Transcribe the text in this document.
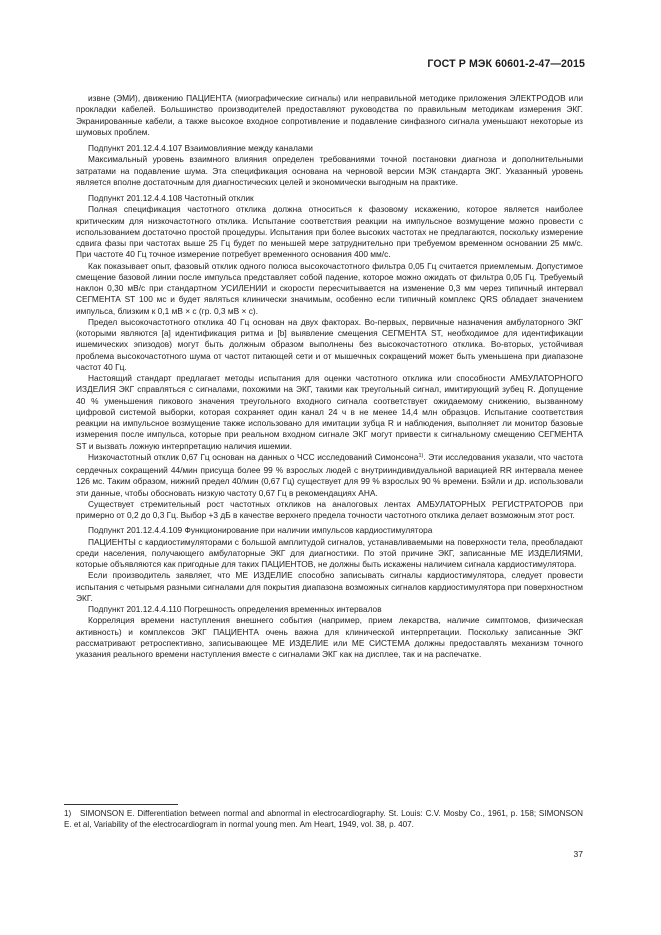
ГОСТ Р МЭК 60601-2-47—2015

извне (ЭМИ), движению ПАЦИЕНТА (миографические сигналы) или неправильной методике приложения ЭЛЕКТРОДОВ или прокладки кабелей. Большинство производителей предоставляют руководства по правильным методикам измерения ЭКГ. Экранированные кабели, а также высокое входное сопротивление и подавление синфазного сигнала уменьшают некоторые из шумовых проблем.

Подпункт 201.12.4.4.107 Взаимовлияние между каналами

Максимальный уровень взаимного влияния определен требованиями точной постановки диагноза и дополнительными затратами на подавление шума. Эта спецификация основана на черновой версии МЭК стандарта ЭКГ. Указанный уровень является вполне достаточным для диагностических целей и экономически выгодным на практике.

Подпункт 201.12.4.4.108 Частотный отклик

Полная спецификация частотного отклика должна относиться к фазовому искажению, которое является наиболее критическим для низкочастотного отклика. Испытание соответствия реакции на импульсное возмущение можно провести с использованием достаточно простой процедуры. Испытания при более высоких частотах не предлагаются, поскольку измерение сдвига фазы при частотах выше 25 Гц будет по меньшей мере затруднительно при требуемом временном основании 25 мм/с. При частоте 40 Гц точное измерение потребует временного основания 400 мм/с.

Как показывает опыт, фазовый отклик одного полюса высокочастотного фильтра 0,05 Гц считается приемлемым. Допустимое смещение базовой линии после импульса представляет собой падение, которое можно ожидать от фильтра 0,05 Гц. Требуемый наклон 0,30 мВ/с при стандартном УСИЛЕНИИ и скорости пересчитывается на изменение 0,3 мм через типичный интервал СЕГМЕНТА ST 100 мс и будет являться клинически значимым, особенно если типичный комплекс QRS обладает значением импульса, близким к 0,1 мВ × с (гр. 0,3 мВ × с).

Предел высокочастотного отклика 40 Гц основан на двух факторах. Во-первых, первичные назначения амбулаторного ЭКГ (которыми являются [а] идентификация ритма и [b] выявление смещения СЕГМЕНТА ST, необходимое для идентификации ишемических эпизодов) могут быть должным образом выполнены без высокочастотного отклика. Во-вторых, устойчивая проблема высокочастотного шума от частот питающей сети и от мышечных сокращений может быть уменьшена при диапазоне частот 40 Гц.

Настоящий стандарт предлагает методы испытания для оценки частотного отклика или способности АМБУЛАТОРНОГО ИЗДЕЛИЯ ЭКГ справляться с сигналами, похожими на ЭКГ, такими как треугольный сигнал, имитирующий зубец R. Допущение 40 % уменьшения пикового значения треугольного входного сигнала соответствует ожидаемому снижению, вызванному цифровой системой выборки, которая сохраняет один канал 24 ч в не менее 14,4 млн образцов. Испытание соответствия реакции на импульсное возмущение также использовано для имитации зубца R и наблюдения, выполняет ли монитор базовые измерения после импульса, которые при реальном входном сигнале ЭКГ могут привести к сигнальному смещению СЕГМЕНТА ST и вызвать ложную интерпретацию наличия ишемии.

Низкочастотный отклик 0,67 Гц основан на данных о ЧСС исследований Симонсона$^{1)}$. Эти исследования указали, что частота сердечных сокращений 44/мин присуща более 99 % взрослых людей с внутрииндивидуальной вариацией RR интервала менее 126 мс. Таким образом, нижний предел 40/мин (0,67 Гц) существует для 99 % взрослых 90 % времени. Бэйли и др. использовали эти данные, чтобы обосновать низкую частоту 0,67 Гц в рекомендациях АНА.

Существует стремительный рост частотных откликов на аналоговых лентах АМБУЛАТОРНЫХ РЕГИСТРАТОРОВ при примерно от 0,2 до 0,3 Гц. Выбор +3 дБ в качестве верхнего предела точности частотного отклика делает возможным этот рост.

Подпункт 201.12.4.4.109 Функционирование при наличии импульсов кардиостимулятора

ПАЦИЕНТЫ с кардиостимуляторами с большой амплитудой сигналов, устанавливаемыми на поверхности тела, преобладают среди населения, получающего амбулаторные ЭКГ для диагностики. По этой причине ЭКГ, записанные МЕ ИЗДЕЛИЯМИ, которые объявляются как пригодные для таких ПАЦИЕНТОВ, не должны быть искажены наличием сигнала кардиостимулятора.

Если производитель заявляет, что МЕ ИЗДЕЛИЕ способно записывать сигналы кардиостимулятора, следует провести испытания с четырьмя разными сигналами для покрытия диапазона возможных сигналов кардиостимулятора при поверхностном ЭКГ.

Подпункт 201.12.4.4.110 Погрешность определения временных интервалов

Корреляция времени наступления внешнего события (например, прием лекарства, наличие симптомов, физическая активность) и комплексов ЭКГ ПАЦИЕНТА очень важна для клинической интерпретации. Поскольку записанные ЭКГ рассматривают ретроспективно, записывающее МЕ ИЗДЕЛИЕ или МЕ СИСТЕМА должны предоставлять механизм точного указания реального времени наступления вместе с сигналами ЭКГ как на дисплее, так и на распечатке.

1) SIMONSON E. Differentiation between normal and abnormal in electrocardiography. St. Louis: C.V. Mosby Co., 1961, p. 158; SIMONSON E. et al, Variability of the electrocardiogram in normal young men. Am Heart, 1949, vol. 38, p. 407.

37
